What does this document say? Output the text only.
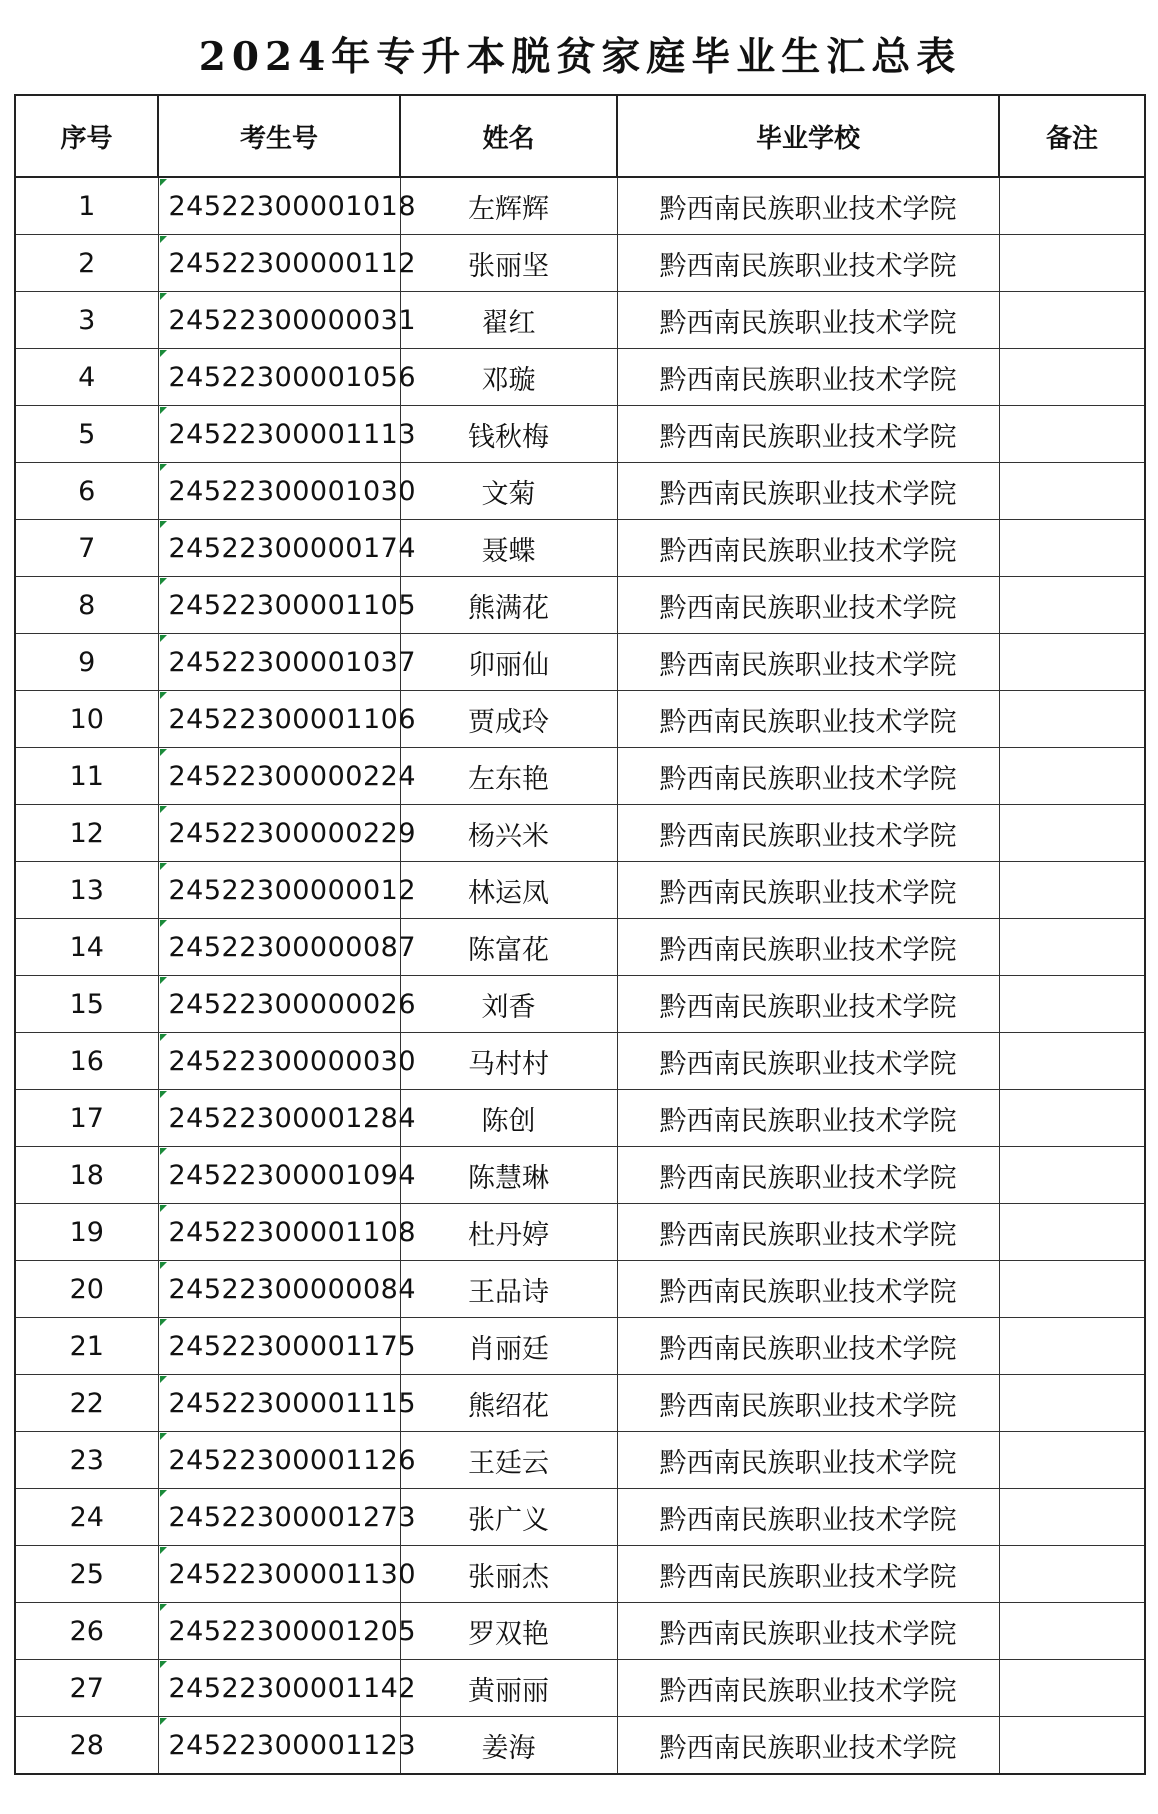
2024年专升本脱贫家庭毕业生汇总表				
序号	考生号	姓名	毕业学校	备注
1	24522300001018	左辉辉	黔西南民族职业技术学院	
2	24522300000112	张丽坚	黔西南民族职业技术学院	
3	24522300000031	翟红	黔西南民族职业技术学院	
4	24522300001056	邓璇	黔西南民族职业技术学院	
5	24522300001113	钱秋梅	黔西南民族职业技术学院	
6	24522300001030	文菊	黔西南民族职业技术学院	
7	24522300000174	聂蝶	黔西南民族职业技术学院	
8	24522300001105	熊满花	黔西南民族职业技术学院	
9	24522300001037	卯丽仙	黔西南民族职业技术学院	
10	24522300001106	贾成玲	黔西南民族职业技术学院	
11	24522300000224	左东艳	黔西南民族职业技术学院	
12	24522300000229	杨兴米	黔西南民族职业技术学院	
13	24522300000012	林运凤	黔西南民族职业技术学院	
14	24522300000087	陈富花	黔西南民族职业技术学院	
15	24522300000026	刘香	黔西南民族职业技术学院	
16	24522300000030	马村村	黔西南民族职业技术学院	
17	24522300001284	陈创	黔西南民族职业技术学院	
18	24522300001094	陈慧琳	黔西南民族职业技术学院	
19	24522300001108	杜丹婷	黔西南民族职业技术学院	
20	24522300000084	王品诗	黔西南民族职业技术学院	
21	24522300001175	肖丽廷	黔西南民族职业技术学院	
22	24522300001115	熊绍花	黔西南民族职业技术学院	
23	24522300001126	王廷云	黔西南民族职业技术学院	
24	24522300001273	张广义	黔西南民族职业技术学院	
25	24522300001130	张丽杰	黔西南民族职业技术学院	
26	24522300001205	罗双艳	黔西南民族职业技术学院	
27	24522300001142	黄丽丽	黔西南民族职业技术学院	
28	24522300001123	姜海	黔西南民族职业技术学院	
